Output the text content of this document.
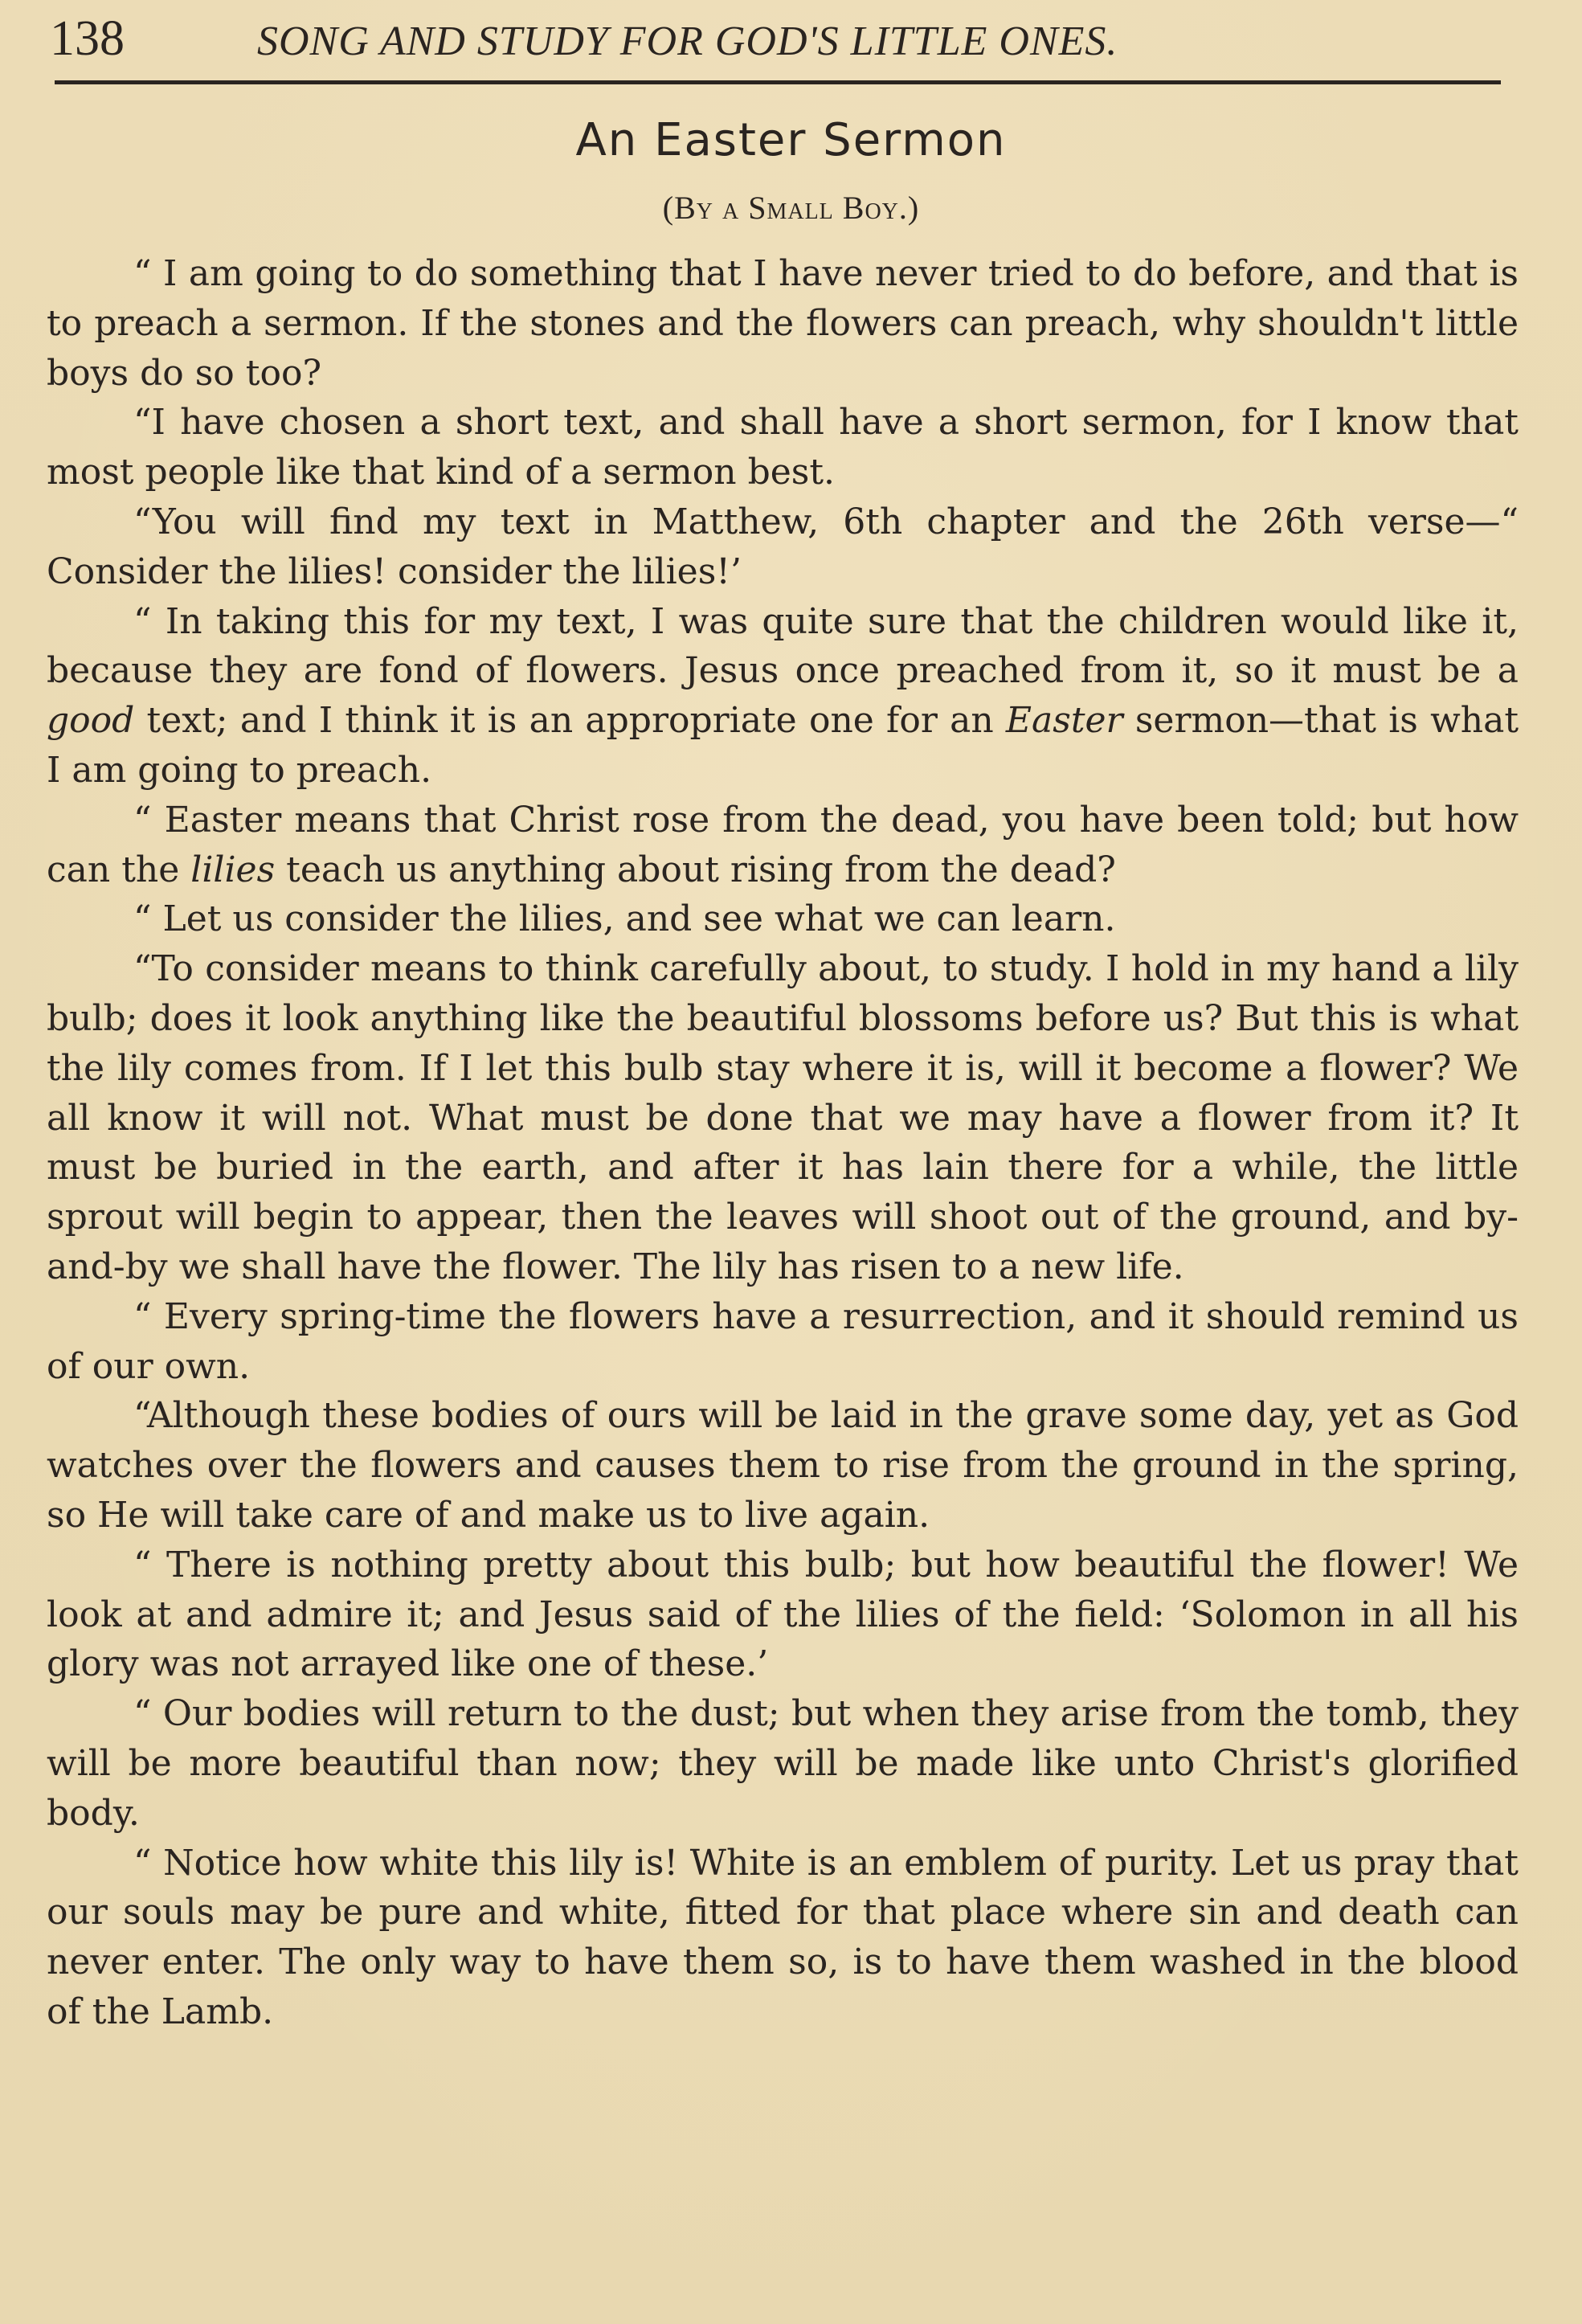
138	SONG AND STUDY FOR GOD'S LITTLE ONES.
An Easter Sermon
(By a Small Boy.)

“ I am going to do something that I have never tried to do before, and that is to preach a sermon. If the stones and the flowers can preach, why shouldn't little boys do so too?

“I have chosen a short text, and shall have a short sermon, for I know that most people like that kind of a sermon best.

“You will find my text in Matthew, 6th chapter and the 26th verse—“ Consider the lilies! consider the lilies!’

“ In taking this for my text, I was quite sure that the children would like it, because they are fond of flowers. Jesus once preached from it, so it must be a good text; and I think it is an appropriate one for an Easter sermon—that is what I am going to preach.

“ Easter means that Christ rose from the dead, you have been told; but how can the lilies teach us anything about rising from the dead?

“ Let us consider the lilies, and see what we can learn.

“To consider means to think carefully about, to study. I hold in my hand a lily bulb; does it look anything like the beautiful blossoms before us? But this is what the lily comes from. If I let this bulb stay where it is, will it become a flower? We all know it will not. What must be done that we may have a flower from it? It must be buried in the earth, and after it has lain there for a while, the little sprout will begin to appear, then the leaves will shoot out of the ground, and by-and-by we shall have the flower. The lily has risen to a new life.

“ Every spring-time the flowers have a resurrection, and it should remind us of our own.

“Although these bodies of ours will be laid in the grave some day, yet as God watches over the flowers and causes them to rise from the ground in the spring, so He will take care of and make us to live again.

“ There is nothing pretty about this bulb; but how beautiful the flower! We look at and admire it; and Jesus said of the lilies of the field: ‘Solomon in all his glory was not arrayed like one of these.’

“ Our bodies will return to the dust; but when they arise from the tomb, they will be more beautiful than now; they will be made like unto Christ's glorified body.

“ Notice how white this lily is! White is an emblem of purity. Let us pray that our souls may be pure and white, fitted for that place where sin and death can never enter. The only way to have them so, is to have them washed in the blood of the Lamb.
